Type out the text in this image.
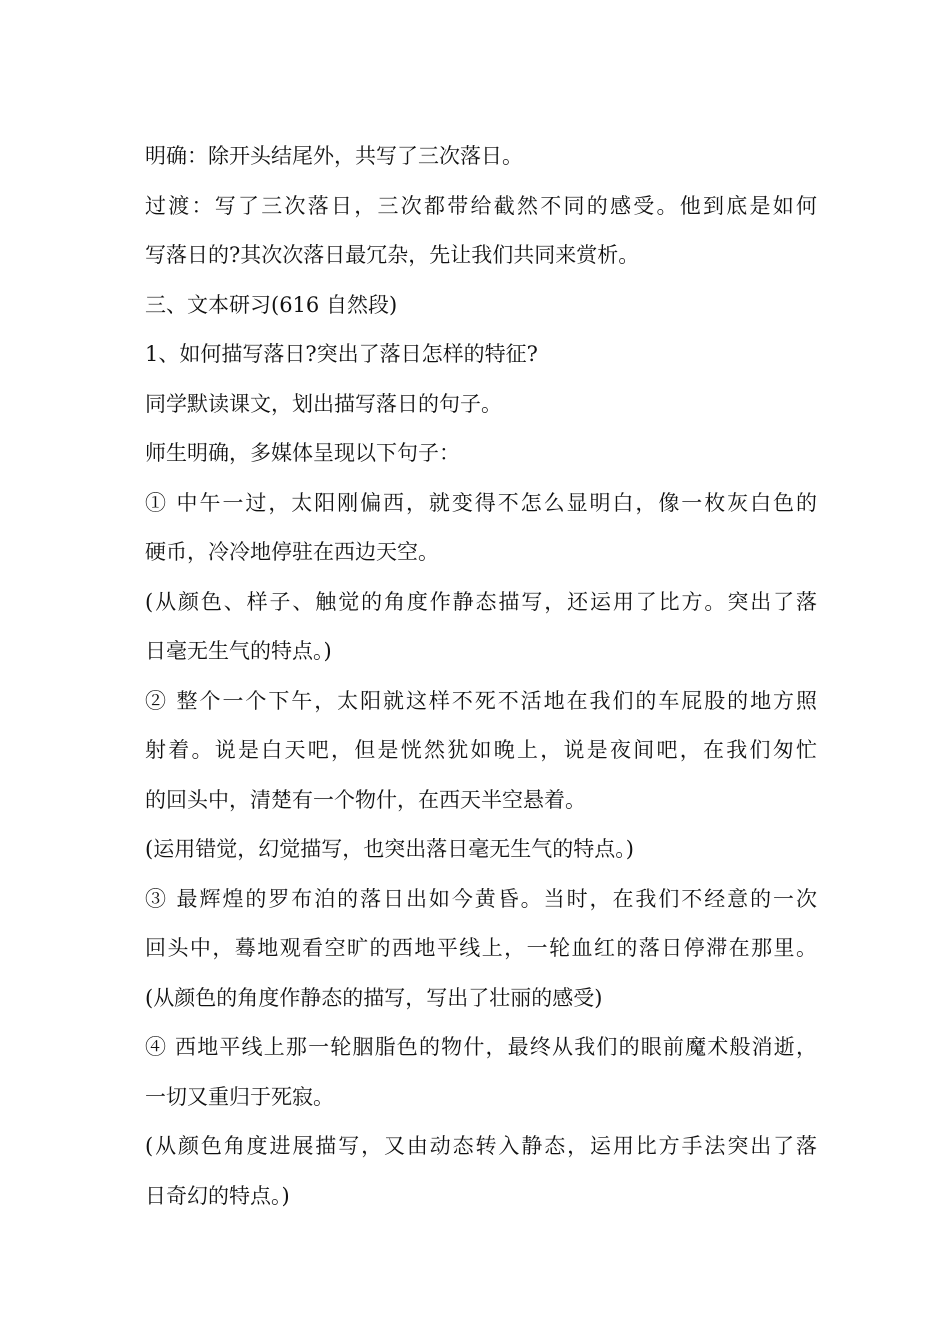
明确：除开头结尾外，共写了三次落日。
过渡：写了三次落日，三次都带给截然不同的感受。他到底是如何
写落日的?其次次落日最冗杂，先让我们共同来赏析。
三、文本研习(616 自然段)
1、如何描写落日?突出了落日怎样的特征?
同学默读课文，划出描写落日的句子。
师生明确，多媒体呈现以下句子：
① 中午一过，太阳刚偏西，就变得不怎么显明白，像一枚灰白色的
硬币，冷冷地停驻在西边天空。
(从颜色、样子、触觉的角度作静态描写，还运用了比方。突出了落
日毫无生气的特点。)
② 整个一个下午，太阳就这样不死不活地在我们的车屁股的地方照
射着。说是白天吧，但是恍然犹如晚上，说是夜间吧，在我们匆忙
的回头中，清楚有一个物什，在西天半空悬着。
(运用错觉，幻觉描写，也突出落日毫无生气的特点。)
③ 最辉煌的罗布泊的落日出如今黄昏。当时，在我们不经意的一次
回头中，蓦地观看空旷的西地平线上，一轮血红的落日停滞在那里。
(从颜色的角度作静态的描写，写出了壮丽的感受)
④ 西地平线上那一轮胭脂色的物什，最终从我们的眼前魔术般消逝，
一切又重归于死寂。
(从颜色角度进展描写，又由动态转入静态，运用比方手法突出了落
日奇幻的特点。)
